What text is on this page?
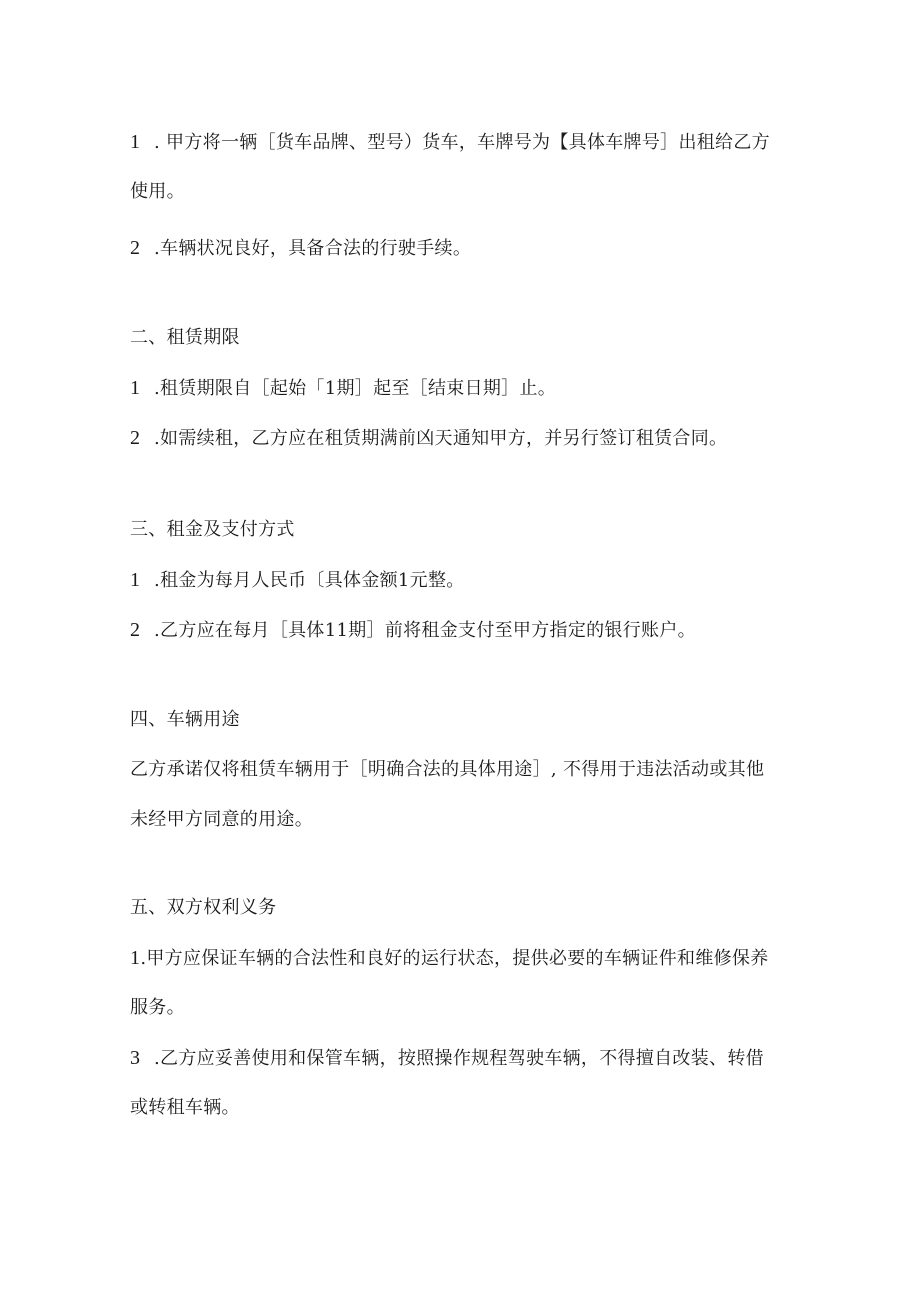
1 . 甲方将一辆［货车品牌、型号）货车，车牌号为【具体车牌号］出租给乙方
使用。
2 .车辆状况良好，具备合法的行驶手续。
二、租赁期限
1 .租赁期限自［起始「1期］起至［结束日期］止。
2 .如需续租，乙方应在租赁期满前凶天通知甲方，并另行签订租赁合同。
三、租金及支付方式
1 .租金为每月人民币〔具体金额1元整。
2 .乙方应在每月［具体11期］前将租金支付至甲方指定的银行账户。
四、车辆用途
乙方承诺仅将租赁车辆用于［明确合法的具体用途］, 不得用于违法活动或其他
未经甲方同意的用途。
五、双方权利义务
1.甲方应保证车辆的合法性和良好的运行状态，提供必要的车辆证件和维修保养
服务。
3 .乙方应妥善使用和保管车辆，按照操作规程驾驶车辆，不得擅自改装、转借
或转租车辆。
